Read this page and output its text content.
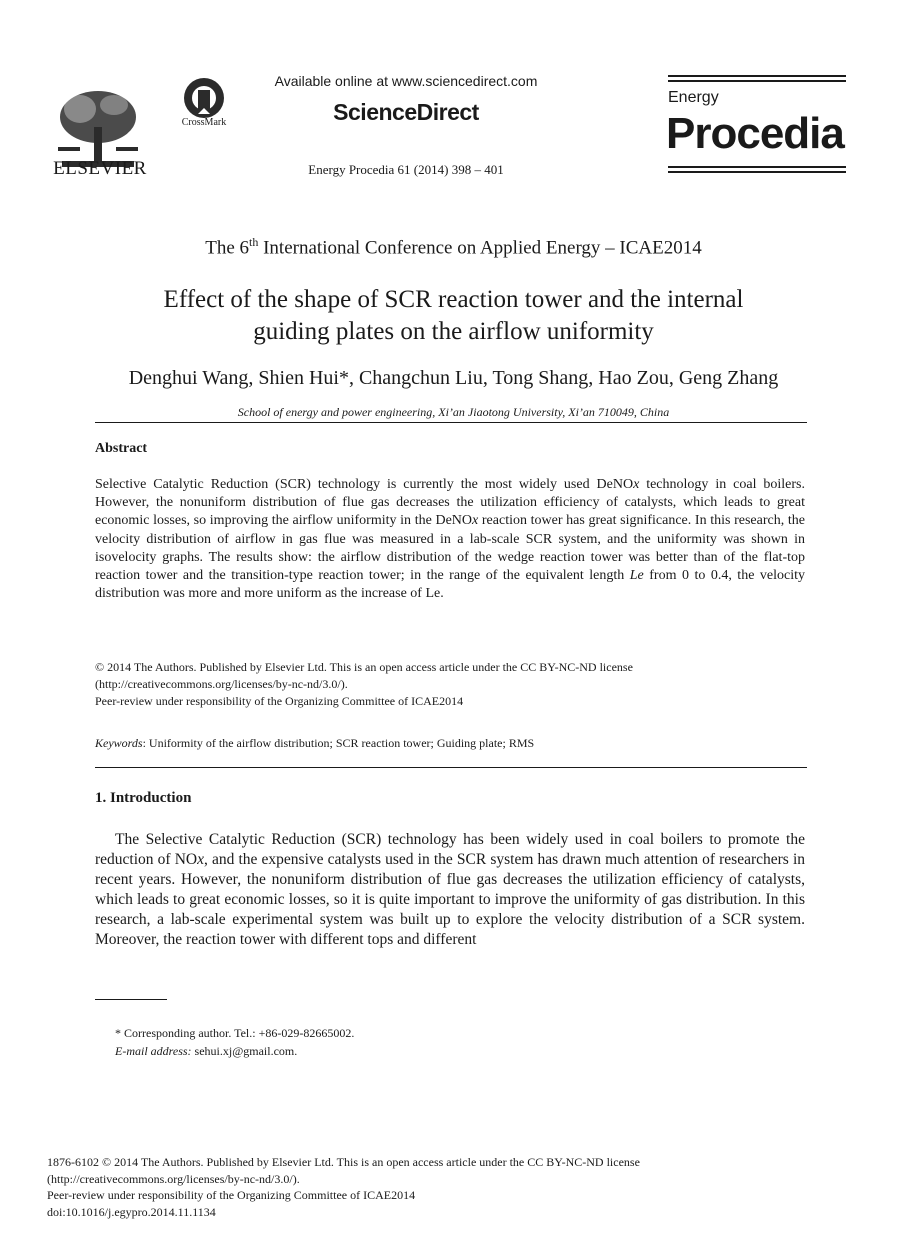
ELSEVIER
CrossMark
Available online at www.sciencedirect.com
ScienceDirect
Energy Procedia 61 (2014) 398 – 401
Energy
Procedia
The 6th International Conference on Applied Energy – ICAE2014
Effect of the shape of SCR reaction tower and the internal
guiding plates on the airflow uniformity
Denghui Wang, Shien Hui*, Changchun Liu, Tong Shang, Hao Zou, Geng Zhang
School of energy and power engineering, Xi’an Jiaotong University, Xi’an 710049, China
Abstract
Selective Catalytic Reduction (SCR) technology is currently the most widely used DeNOx technology in coal boilers. However, the nonuniform distribution of flue gas decreases the utilization efficiency of catalysts, which leads to great economic losses, so improving the airflow uniformity in the DeNOx reaction tower has great significance. In this research, the velocity distribution of airflow in gas flue was measured in a lab-scale SCR system, and the uniformity was shown in isovelocity graphs. The results show: the airflow distribution of the wedge reaction tower was better than of the flat-top reaction tower and the transition-type reaction tower; in the range of the equivalent length Le from 0 to 0.4, the velocity distribution was more and more uniform as the increase of Le.
© 2014 The Authors. Published by Elsevier Ltd. This is an open access article under the CC BY-NC-ND license
(http://creativecommons.org/licenses/by-nc-nd/3.0/).
Peer-review under responsibility of the Organizing Committee of ICAE2014
Keywords: Uniformity of the airflow distribution; SCR reaction tower; Guiding plate; RMS
1. Introduction
The Selective Catalytic Reduction (SCR) technology has been widely used in coal boilers to promote the reduction of NOx, and the expensive catalysts used in the SCR system has drawn much attention of researchers in recent years. However, the nonuniform distribution of flue gas decreases the utilization efficiency of catalysts, which leads to great economic losses, so it is quite important to improve the uniformity of gas distribution. In this research, a lab-scale experimental system was built up to explore the velocity distribution of a SCR system. Moreover, the reaction tower with different tops and different
* Corresponding author. Tel.: +86-029-82665002.
E-mail address: sehui.xj@gmail.com.
1876-6102 © 2014 The Authors. Published by Elsevier Ltd. This is an open access article under the CC BY-NC-ND license
(http://creativecommons.org/licenses/by-nc-nd/3.0/).
Peer-review under responsibility of the Organizing Committee of ICAE2014
doi:10.1016/j.egypro.2014.11.1134
